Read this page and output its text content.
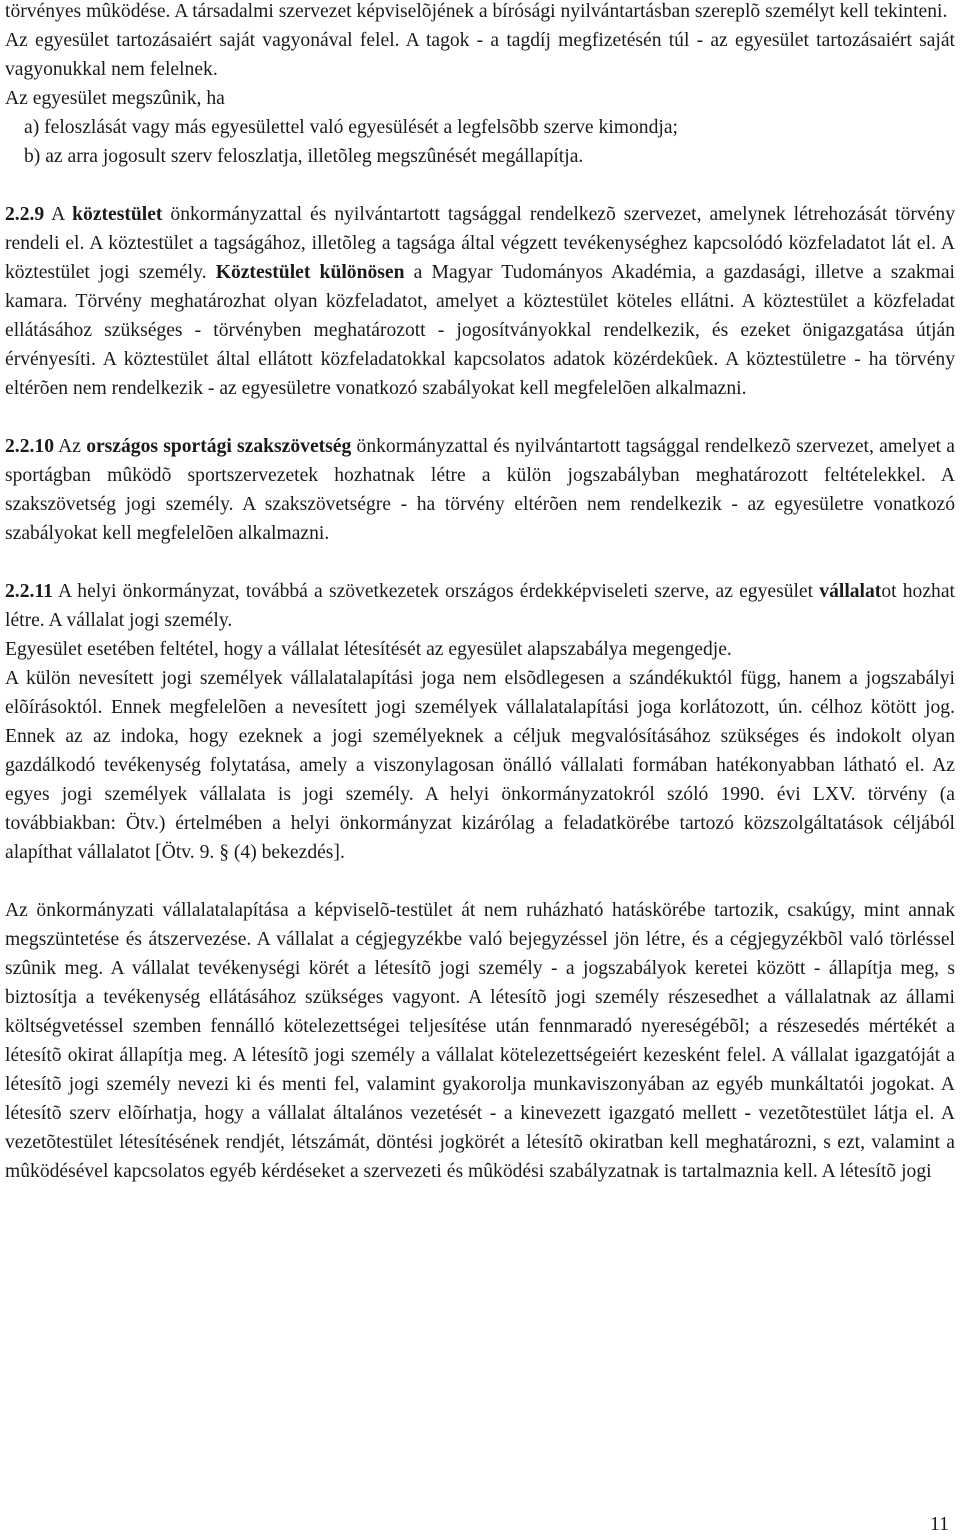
törvényes mûködése. A társadalmi szervezet képviselõjének a bírósági nyilvántartásban szereplõ személyt kell tekinteni.

Az egyesület tartozásaiért saját vagyonával felel. A tagok - a tagdíj megfizetésén túl - az egyesület tartozásaiért saját vagyonukkal nem felelnek.

Az egyesület megszûnik, ha

a) feloszlását vagy más egyesülettel való egyesülését a legfelsõbb szerve kimondja;

b) az arra jogosult szerv feloszlatja, illetõleg megszûnését megállapítja.

2.2.9 A köztestület önkormányzattal és nyilvántartott tagsággal rendelkezõ szervezet, amelynek létrehozását törvény rendeli el. A köztestület a tagságához, illetõleg a tagsága által végzett tevékenységhez kapcsolódó közfeladatot lát el. A köztestület jogi személy. Köztestület különösen a Magyar Tudományos Akadémia, a gazdasági, illetve a szakmai kamara. Törvény meghatározhat olyan közfeladatot, amelyet a köztestület köteles ellátni. A köztestület a közfeladat ellátásához szükséges - törvényben meghatározott - jogosítványokkal rendelkezik, és ezeket önigazgatása útján érvényesíti. A köztestület által ellátott közfeladatokkal kapcsolatos adatok közérdekûek. A köztestületre - ha törvény eltérõen nem rendelkezik - az egyesületre vonatkozó szabályokat kell megfelelõen alkalmazni.

2.2.10 Az országos sportági szakszövetség önkormányzattal és nyilvántartott tagsággal rendelkezõ szervezet, amelyet a sportágban mûködõ sportszervezetek hozhatnak létre a külön jogszabályban meghatározott feltételekkel. A szakszövetség jogi személy. A szakszövetségre - ha törvény eltérõen nem rendelkezik - az egyesületre vonatkozó szabályokat kell megfelelõen alkalmazni.

2.2.11 A helyi önkormányzat, továbbá a szövetkezetek országos érdekképviseleti szerve, az egyesület vállalatot hozhat létre. A vállalat jogi személy.

Egyesület esetében feltétel, hogy a vállalat létesítését az egyesület alapszabálya megengedje.

A külön nevesített jogi személyek vállalatalapítási joga nem elsõdlegesen a szándékuktól függ, hanem a jogszabályi elõírásoktól. Ennek megfelelõen a nevesített jogi személyek vállalatalapítási joga korlátozott, ún. célhoz kötött jog. Ennek az az indoka, hogy ezeknek a jogi személyeknek a céljuk megvalósításához szükséges és indokolt olyan gazdálkodó tevékenység folytatása, amely a viszonylagosan önálló vállalati formában hatékonyabban látható el. Az egyes jogi személyek vállalata is jogi személy. A helyi önkormányzatokról szóló 1990. évi LXV. törvény (a továbbiakban: Ötv.) értelmében a helyi önkormányzat kizárólag a feladatkörébe tartozó közszolgáltatások céljából alapíthat vállalatot [Ötv. 9. § (4) bekezdés].

Az önkormányzati vállalatalapítása a képviselõ-testület át nem ruházható hatáskörébe tartozik, csakúgy, mint annak megszüntetése és átszervezése. A vállalat a cégjegyzékbe való bejegyzéssel jön létre, és a cégjegyzékbõl való törléssel szûnik meg. A vállalat tevékenységi körét a létesítõ jogi személy - a jogszabályok keretei között - állapítja meg, s biztosítja a tevékenység ellátásához szükséges vagyont. A létesítõ jogi személy részesedhet a vállalatnak az állami költségvetéssel szemben fennálló kötelezettségei teljesítése után fennmaradó nyereségébõl; a részesedés mértékét a létesítõ okirat állapítja meg. A létesítõ jogi személy a vállalat kötelezettségeiért kezesként felel. A vállalat igazgatóját a létesítõ jogi személy nevezi ki és menti fel, valamint gyakorolja munkaviszonyában az egyéb munkáltatói jogokat. A létesítõ szerv elõírhatja, hogy a vállalat általános vezetését - a kinevezett igazgató mellett - vezetõtestület látja el. A vezetõtestület létesítésének rendjét, létszámát, döntési jogkörét a létesítõ okiratban kell meghatározni, s ezt, valamint a mûködésével kapcsolatos egyéb kérdéseket a szervezeti és mûködési szabályzatnak is tartalmaznia kell. A létesítõ jogi

11
